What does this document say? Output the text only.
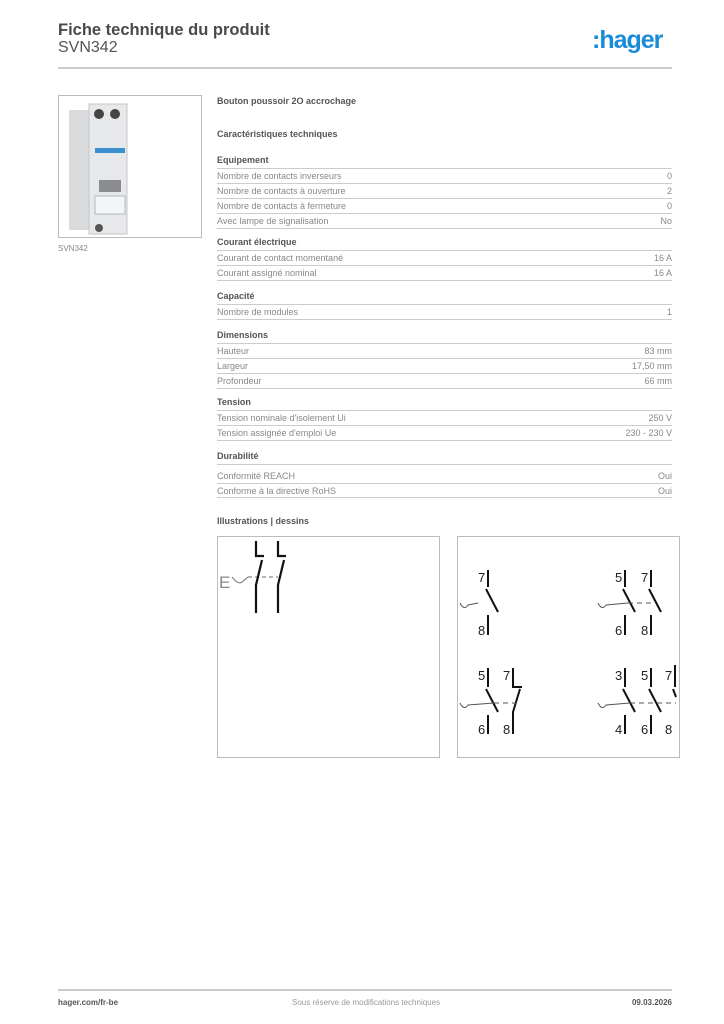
Fiche technique du produit
SVN342	:hager
SVN342
Bouton poussoir 2O accrochage
Caractéristiques techniques
Equipement
Nombre de contacts inverseurs	0
Nombre de contacts à ouverture	2
Nombre de contacts à fermeture	0
Avec lampe de signalisation	No
Courant électrique
Courant de contact momentané	16 A
Courant assigné nominal	16 A
Capacité
Nombre de modules	1
Dimensions
Hauteur	83 mm
Largeur	17,50 mm
Profondeur	66 mm
Tension
Tension nominale d'isolement Ui	250 V
Tension assignée d'emploi Ue	230 - 230 V
Durabilité
Conformité REACH	Oui
Conforme à la directive RoHS	Oui
Illustrations | dessins
E	7
8
5 7
6 8
5 7
6 8
3 5 7
4 6 8
hager.com/fr-be	Sous réserve de modifications techniques	09.03.2026
